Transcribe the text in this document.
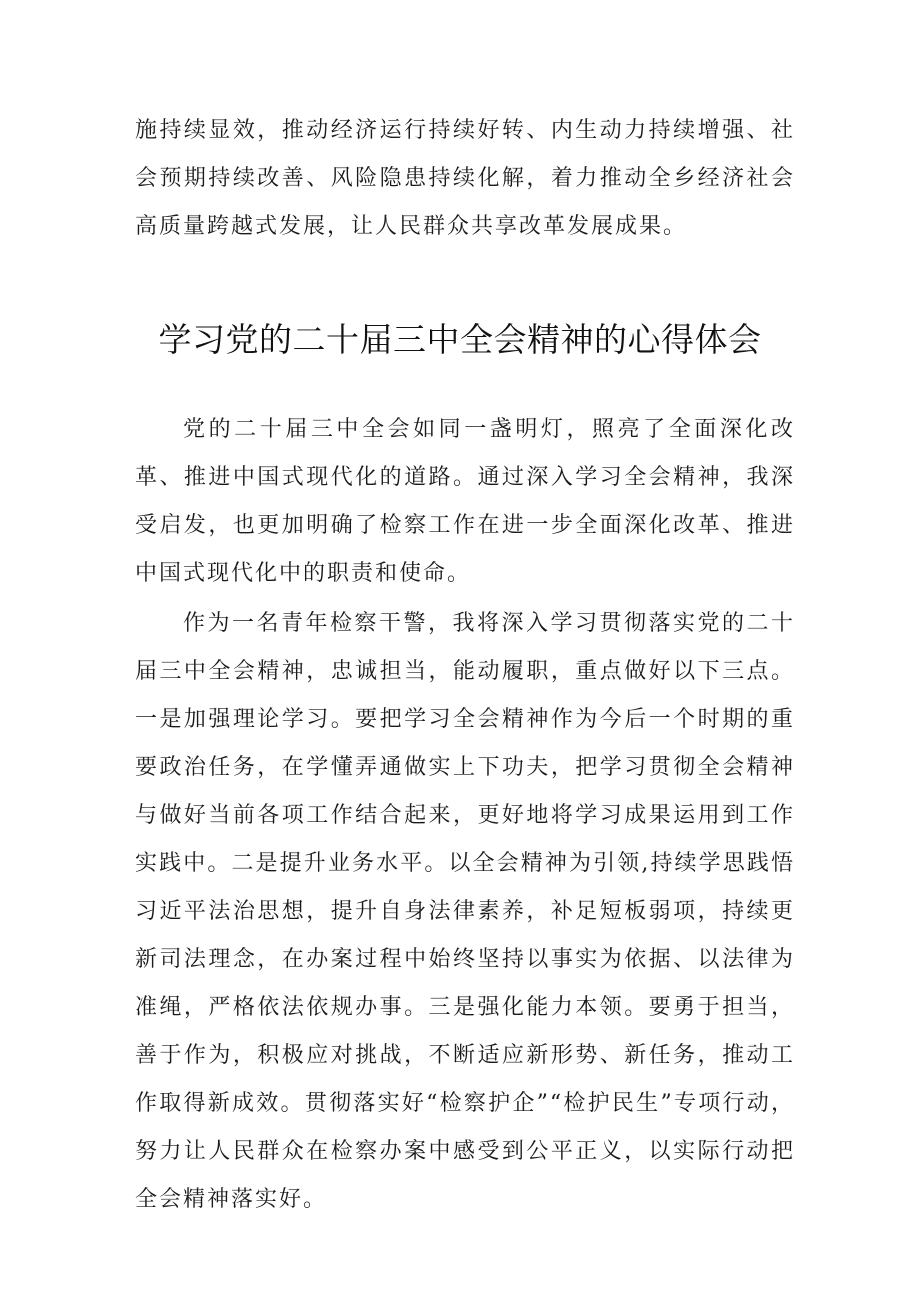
施持续显效，推动经济运行持续好转、内生动力持续增强、社会预期持续改善、风险隐患持续化解，着力推动全乡经济社会高质量跨越式发展，让人民群众共享改革发展成果。

学习党的二十届三中全会精神的心得体会

党的二十届三中全会如同一盏明灯，照亮了全面深化改革、推进中国式现代化的道路。通过深入学习全会精神，我深受启发，也更加明确了检察工作在进一步全面深化改革、推进中国式现代化中的职责和使命。

作为一名青年检察干警，我将深入学习贯彻落实党的二十届三中全会精神，忠诚担当，能动履职，重点做好以下三点。一是加强理论学习。要把学习全会精神作为今后一个时期的重要政治任务，在学懂弄通做实上下功夫，把学习贯彻全会精神与做好当前各项工作结合起来，更好地将学习成果运用到工作实践中。二是提升业务水平。以全会精神为引领,持续学思践悟习近平法治思想，提升自身法律素养，补足短板弱项，持续更新司法理念，在办案过程中始终坚持以事实为依据、以法律为准绳，严格依法依规办事。三是强化能力本领。要勇于担当，善于作为，积极应对挑战，不断适应新形势、新任务，推动工作取得新成效。贯彻落实好“检察护企”“检护民生”专项行动，努力让人民群众在检察办案中感受到公平正义，以实际行动把全会精神落实好。
